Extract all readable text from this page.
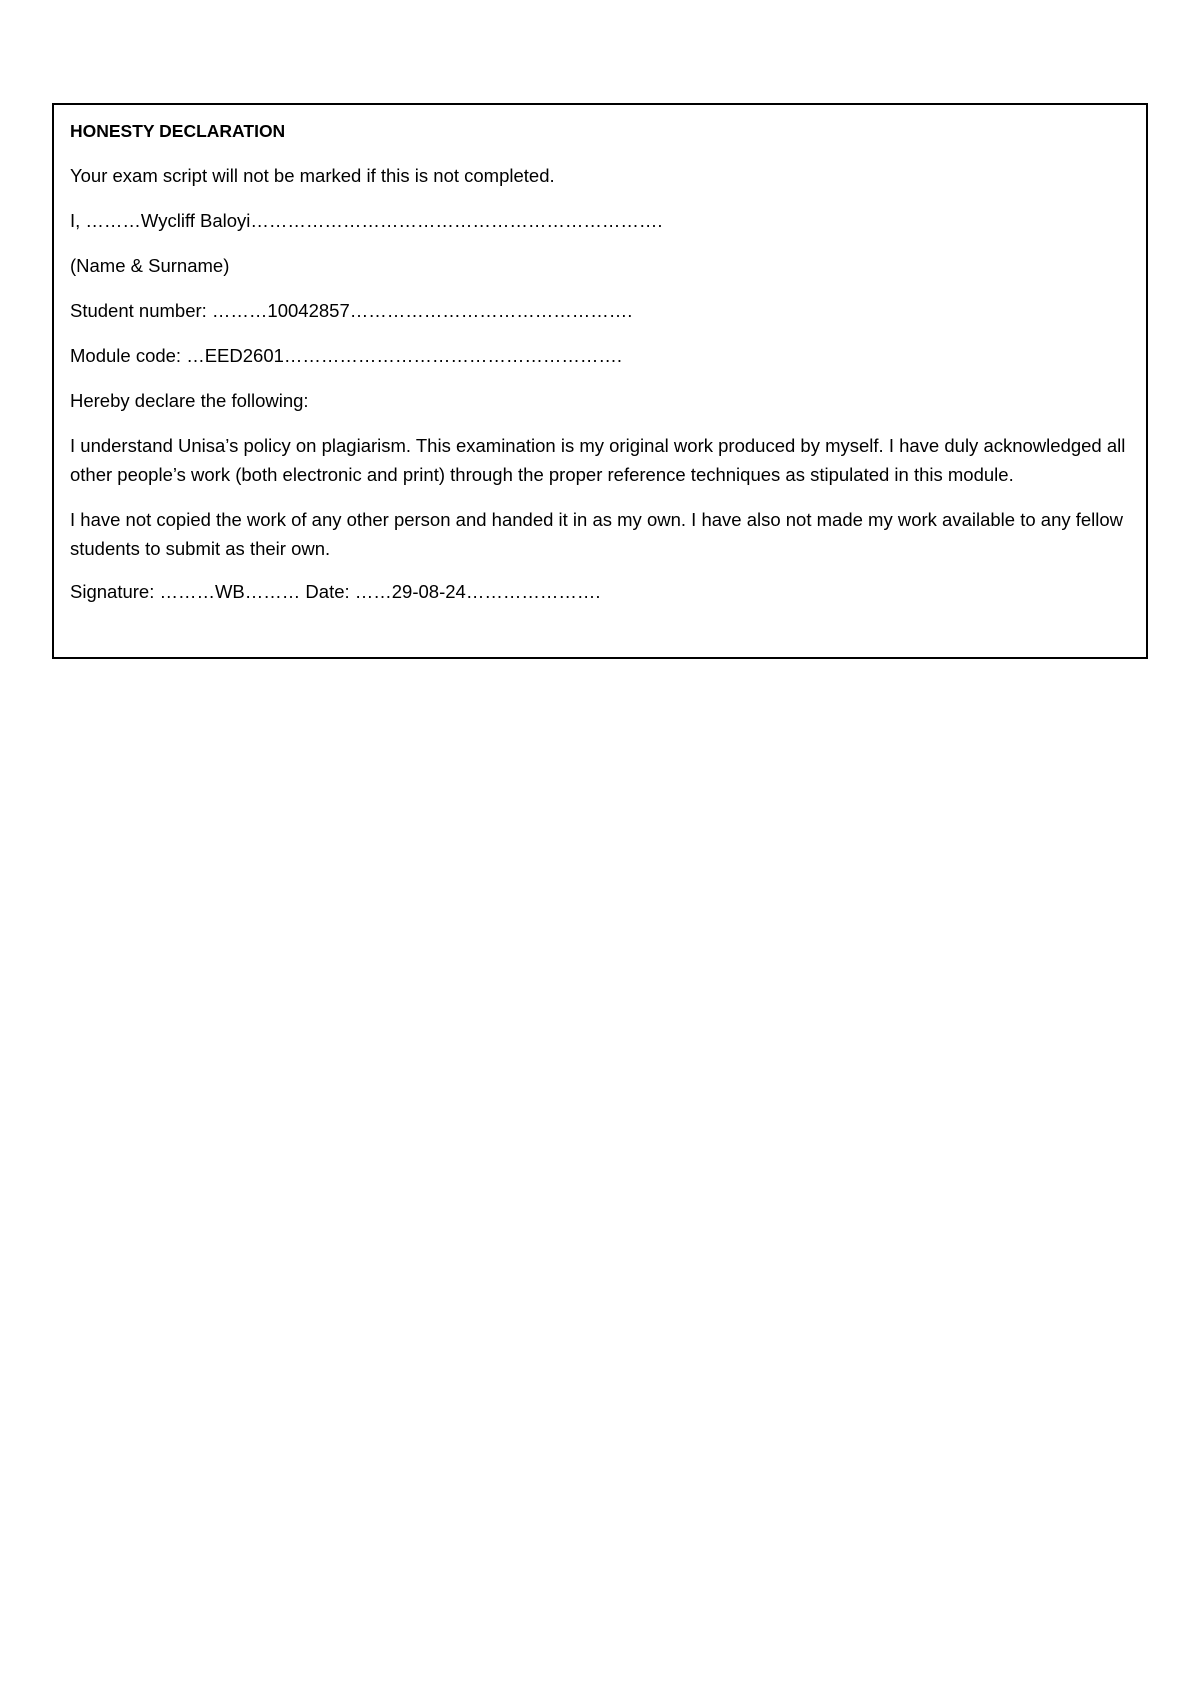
HONESTY DECLARATION
Your exam script will not be marked if this is not completed.
I, ………Wycliff Baloyi………………………………………………………….
(Name & Surname)
Student number: ………10042857……………………………………….
Module code: …EED2601……………………………………………….
Hereby declare the following:
I understand Unisa’s policy on plagiarism. This examination is my original work produced by myself. I have duly acknowledged all other people’s work (both electronic and print) through the proper reference techniques as stipulated in this module.
I have not copied the work of any other person and handed it in as my own. I have also not made my work available to any fellow students to submit as their own.
Signature: ………WB……… Date: ……29-08-24………………….
